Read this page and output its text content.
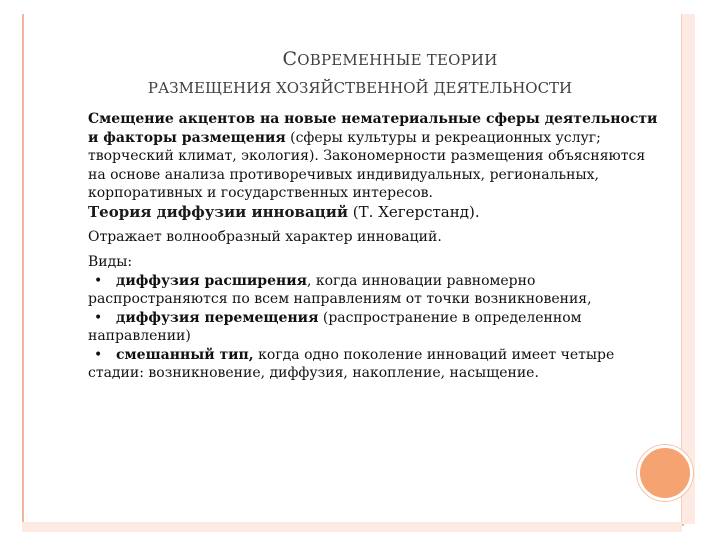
СОВРЕМЕННЫЕ ТЕОРИИ
РАЗМЕЩЕНИЯ ХОЗЯЙСТВЕННОЙ ДЕЯТЕЛЬНОСТИ

Смещение акцентов на новые нематериальные сферы деятельности и факторы размещения (сферы культуры и рекреационных услуг; творческий климат, экология). Закономерности размещения объясняются на основе анализа противоречивых индивидуальных, региональных, корпоративных и государственных интересов.

Теория диффузии инноваций (Т. Хегерстанд).

Отражает волнообразный характер инноваций.

Виды:

• диффузия расширения, когда инновации равномерно распространяются по всем направлениям от точки возникновения,

• диффузия перемещения (распространение в определенном направлении)

• смешанный тип, когда одно поколение инноваций имеет четыре стадии: возникновение, диффузия, накопление, насыщение.
